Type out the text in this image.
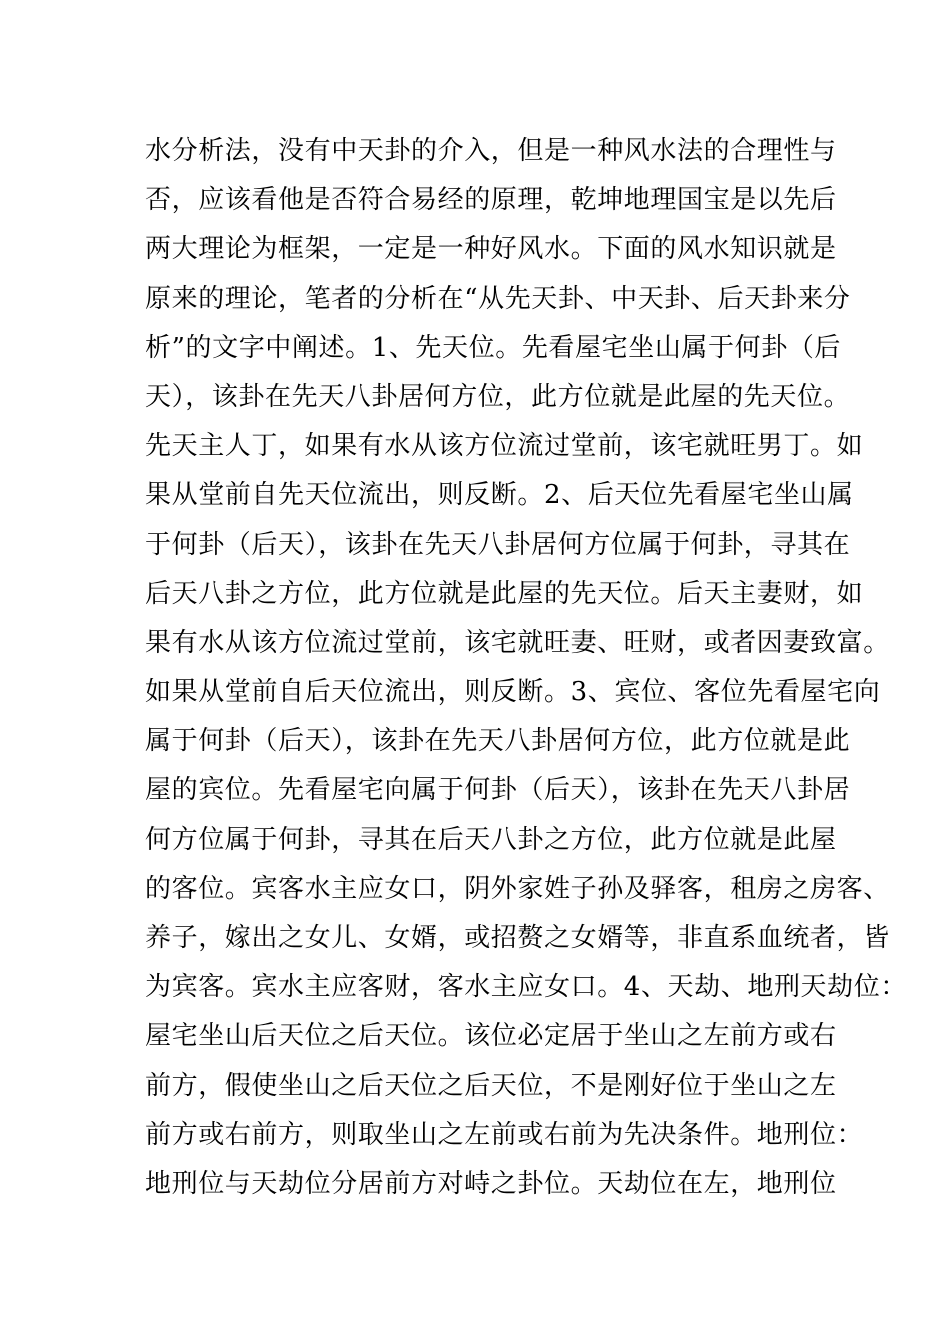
水分析法，没有中天卦的介入，但是一种风水法的合理性与
否，应该看他是否符合易经的原理，乾坤地理国宝是以先后
两大理论为框架，一定是一种好风水。下面的风水知识就是
原来的理论，笔者的分析在“从先天卦、中天卦、后天卦来分
析”的文字中阐述。1、先天位。先看屋宅坐山属于何卦（后
天），该卦在先天八卦居何方位，此方位就是此屋的先天位。
先天主人丁，如果有水从该方位流过堂前，该宅就旺男丁。如
果从堂前自先天位流出，则反断。2、后天位先看屋宅坐山属
于何卦（后天），该卦在先天八卦居何方位属于何卦，寻其在
后天八卦之方位，此方位就是此屋的先天位。后天主妻财，如
果有水从该方位流过堂前，该宅就旺妻、旺财，或者因妻致富。
如果从堂前自后天位流出，则反断。3、宾位、客位先看屋宅向
属于何卦（后天），该卦在先天八卦居何方位，此方位就是此
屋的宾位。先看屋宅向属于何卦（后天），该卦在先天八卦居
何方位属于何卦，寻其在后天八卦之方位，此方位就是此屋
的客位。宾客水主应女口，阴外家姓子孙及驿客，租房之房客、
养子，嫁出之女儿、女婿，或招赘之女婿等，非直系血统者，皆
为宾客。宾水主应客财，客水主应女口。4、天劫、地刑天劫位：
屋宅坐山后天位之后天位。该位必定居于坐山之左前方或右
前方，假使坐山之后天位之后天位，不是刚好位于坐山之左
前方或右前方，则取坐山之左前或右前为先决条件。地刑位：
地刑位与天劫位分居前方对峙之卦位。天劫位在左，地刑位
